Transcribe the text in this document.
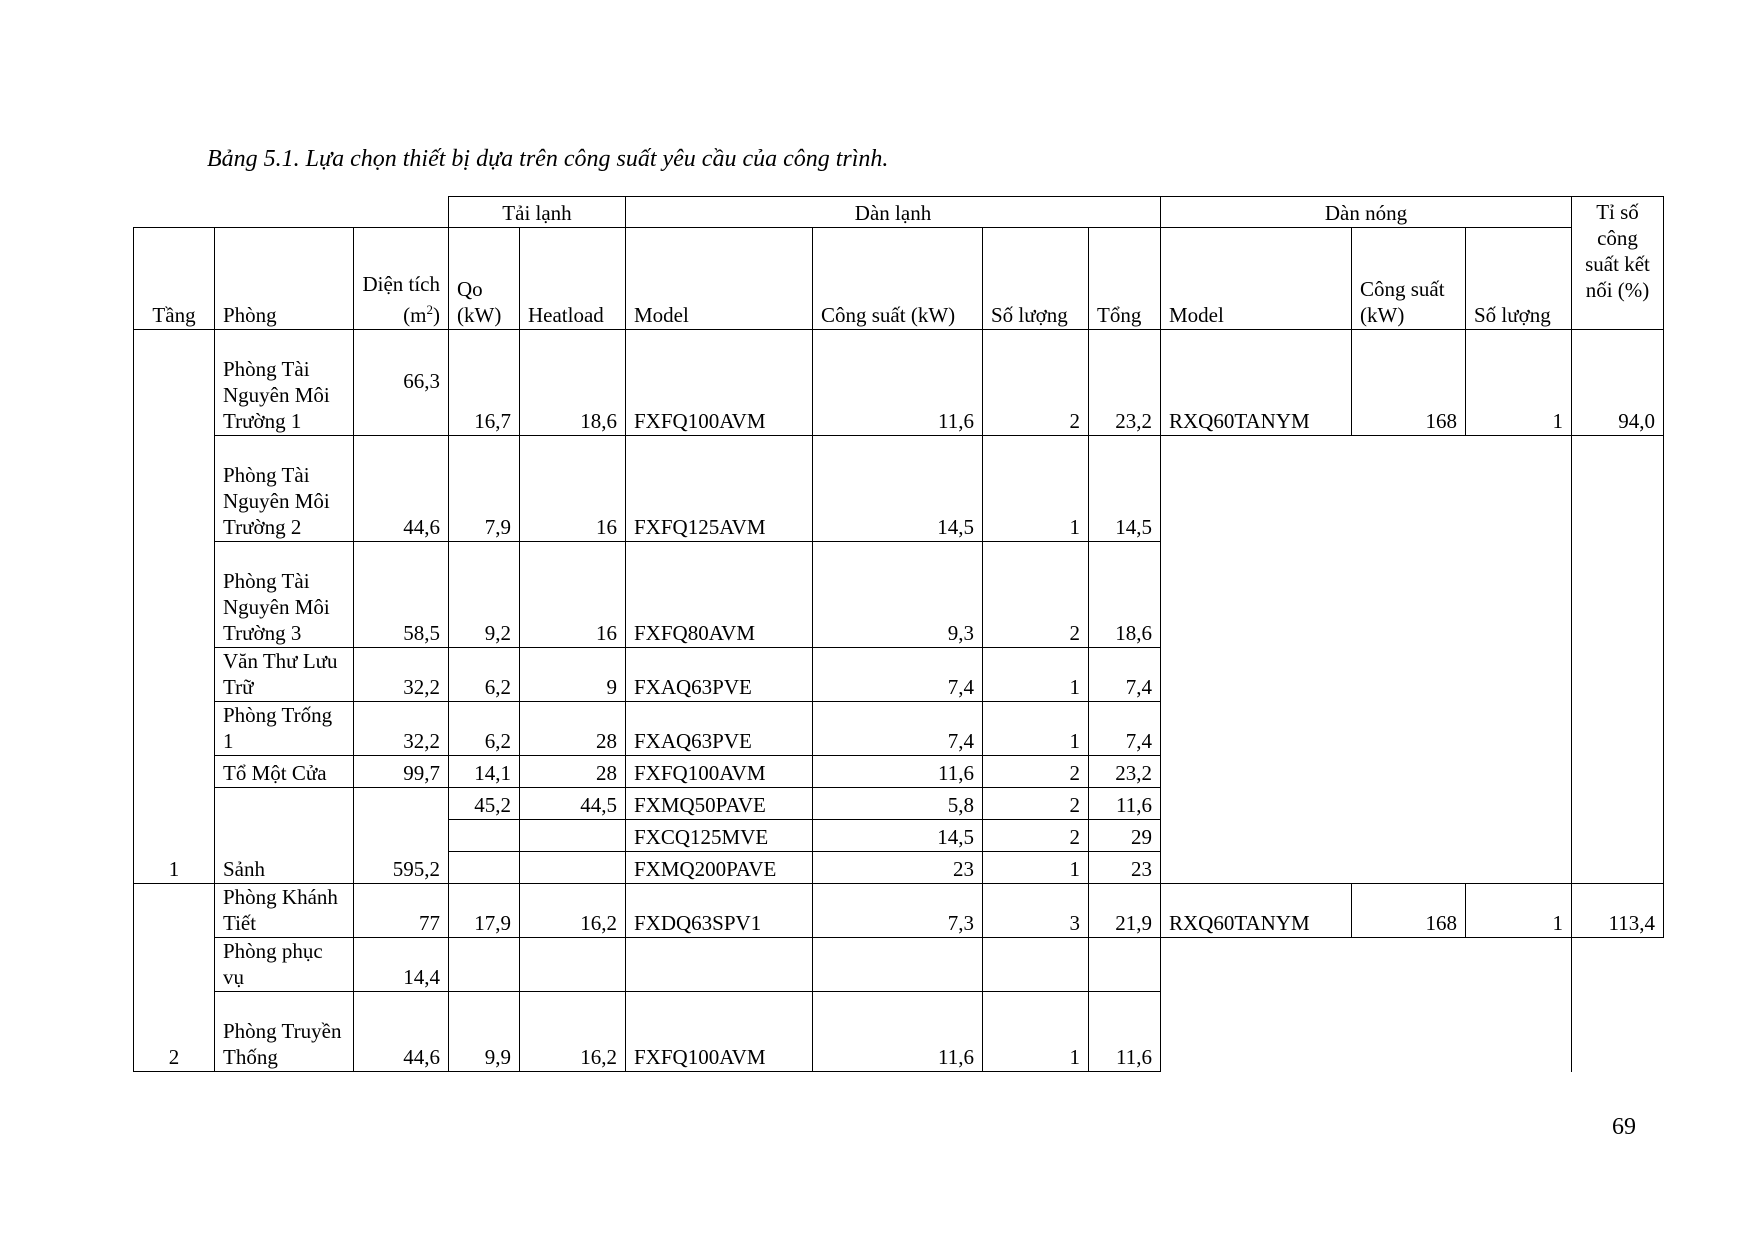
Bảng 5.1. Lựa chọn thiết bị dựa trên công suất yêu cầu của công trình.
			Tải lạnh		Dàn lạnh				Dàn nóng			Tỉ số công suất kết nối (%)
Tầng	Phòng	Diện tích $(m^2)$	Qo (kW)	Heatload	Model	Công suất (kW)	Số lượng	Tổng	Model	Công suất (kW)	Số lượng	
1	Phòng Tài Nguyên Môi Trường 1	66,3	16,7	18,6	FXFQ100AVM	11,6	2	23,2	RXQ60TANYM	168	1	94,0
	Phòng Tài Nguyên Môi Trường 2	44,6	7,9	16	FXFQ125AVM	14,5	1	14,5				
	Phòng Tài Nguyên Môi Trường 3	58,5	9,2	16	FXFQ80AVM	9,3	2	18,6				
	Văn Thư Lưu Trữ	32,2	6,2	9	FXAQ63PVE	7,4	1	7,4				
	Phòng Trống 1	32,2	6,2	28	FXAQ63PVE	7,4	1	7,4				
	Tổ Một Cửa	99,7	14,1	28	FXFQ100AVM	11,6	2	23,2				
	Sảnh	595,2	45,2	44,5	FXMQ50PAVE	5,8	2	11,6				
					FXCQ125MVE	14,5	2	29				
					FXMQ200PAVE	23	1	23				
2	Phòng Khánh Tiết	77	17,9	16,2	FXDQ63SPV1	7,3	3	21,9	RXQ60TANYM	168	1	113,4
	Phòng phục vụ	14,4										
	Phòng Truyền Thống	44,6	9,9	16,2	FXFQ100AVM	11,6	1	11,6				
69
